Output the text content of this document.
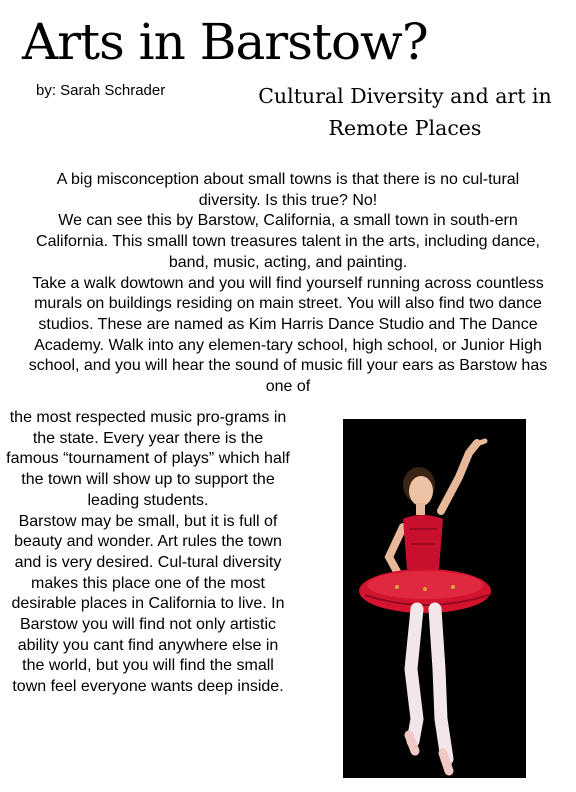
Arts in Barstow?
by: Sarah Schrader	Cultural Diversity and art in Remote Places

A big misconception about small towns is that there is no cul-tural diversity. Is this true? No!

We can see this by Barstow, California, a small town in south-ern California. This smalll town treasures talent in the arts, including dance, band, music, acting, and painting.

Take a walk dowtown and you will find yourself running across countless murals on buildings residing on main street. You will also find two dance studios. These are named as Kim Harris Dance Studio and The Dance Academy. Walk into any elemen-tary school, high school, or Junior High school, and you will hear the sound of music fill your ears as Barstow has one of

the most respected music pro-grams in the state. Every year there is the famous “tournament of plays” which half the town will show up to support the leading students.

Barstow may be small, but it is full of beauty and wonder. Art rules the town and is very desired. Cul-tural diversity makes this place one of the most desirable places in California to live. In Barstow you will find not only artistic ability you cant find anywhere else in the world, but you will find the small town feel everyone wants deep inside.
